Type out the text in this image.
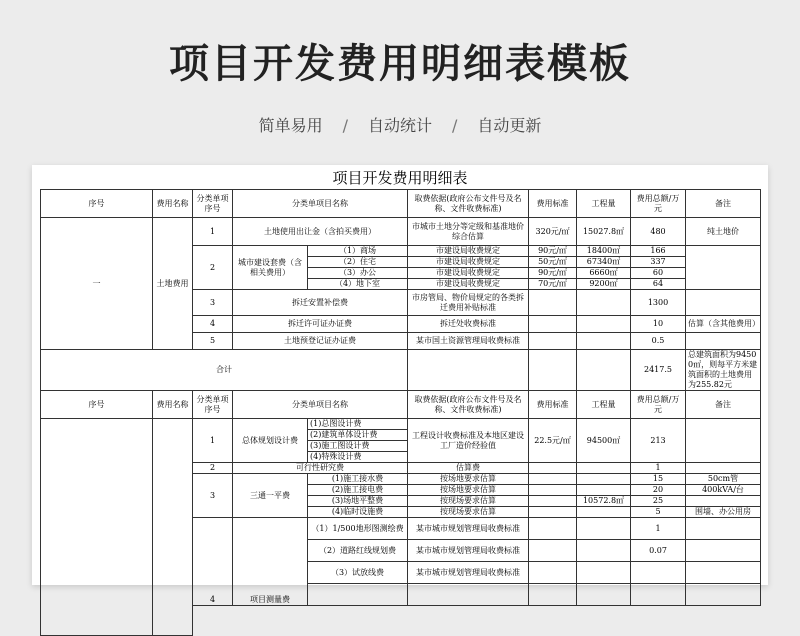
项目开发费用明细表模板
简单易用 / 自动统计 / 自动更新
项目开发费用明细表
序号	费用名称	分类单项序号	分类单项目名称		取费依据(政府公布文件号及名称、文件收费标准)	费用标准	工程量	费用总额/万元	备注
一	土地费用	1	土地使用出让金（含拍买费用）		市城市土地分等定级和基准地价综合估算	320元/㎡	15027.8㎡	480	纯土地价
		2	城市建设套费（含相关费用）	（1）商场	市建设局收费规定	90元/㎡	18400㎡	166	
				（2）住宅	市建设局收费规定	50元/㎡	67340㎡	337	
				（3）办公	市建设局收费规定	90元/㎡	6660㎡	60	
				（4）地下室	市建设局收费规定	70元/㎡	9200㎡	64	
		3	拆迁安置补偿费		市房管局、物价局规定的各类拆迁费用补贴标准			1300	
		4	拆迁许可证办证费		拆迁处收费标准			10	估算（含其他费用）
		5	土地预登记证办证费		某市国土资源管理局收费标准			0.5	
合计								2417.5	总建筑面积为94500㎡，则每平方米建筑面积的土地费用为255.82元
序号	费用名称	分类单项序号	分类单项目名称		取费依据(政府公布文件号及名称、文件收费标准)	费用标准	工程量	费用总额/万元	备注
		1	总体规划设计费	(1)总图设计费	工程设计收费标准及本地区建设工厂造价经验值	22.5元/㎡	94500㎡	213	
				(2)建筑单体设计费					
				(3)施工图设计费					
				(4)特殊设计费					
		2	可行性研究费		估算费			1	
		3	三通一平费	(1)施工接水费	按场地要求估算			15	50cm管
				(2)施工接电费	按场地要求估算			20	400kVA/台
				(3)场地平整费	按现场要求估算		10572.8㎡	25	
				(4)临时设施费	按现场要求估算			5	围墙、办公用房
		4	项目测量费	（1）1/500地形图测绘费	某市城市规划管理局收费标准			1	
				（2）道路红线规划费	某市城市规划管理局收费标准			0.07	
				（3）试放线费	某市城市规划管理局收费标准				
